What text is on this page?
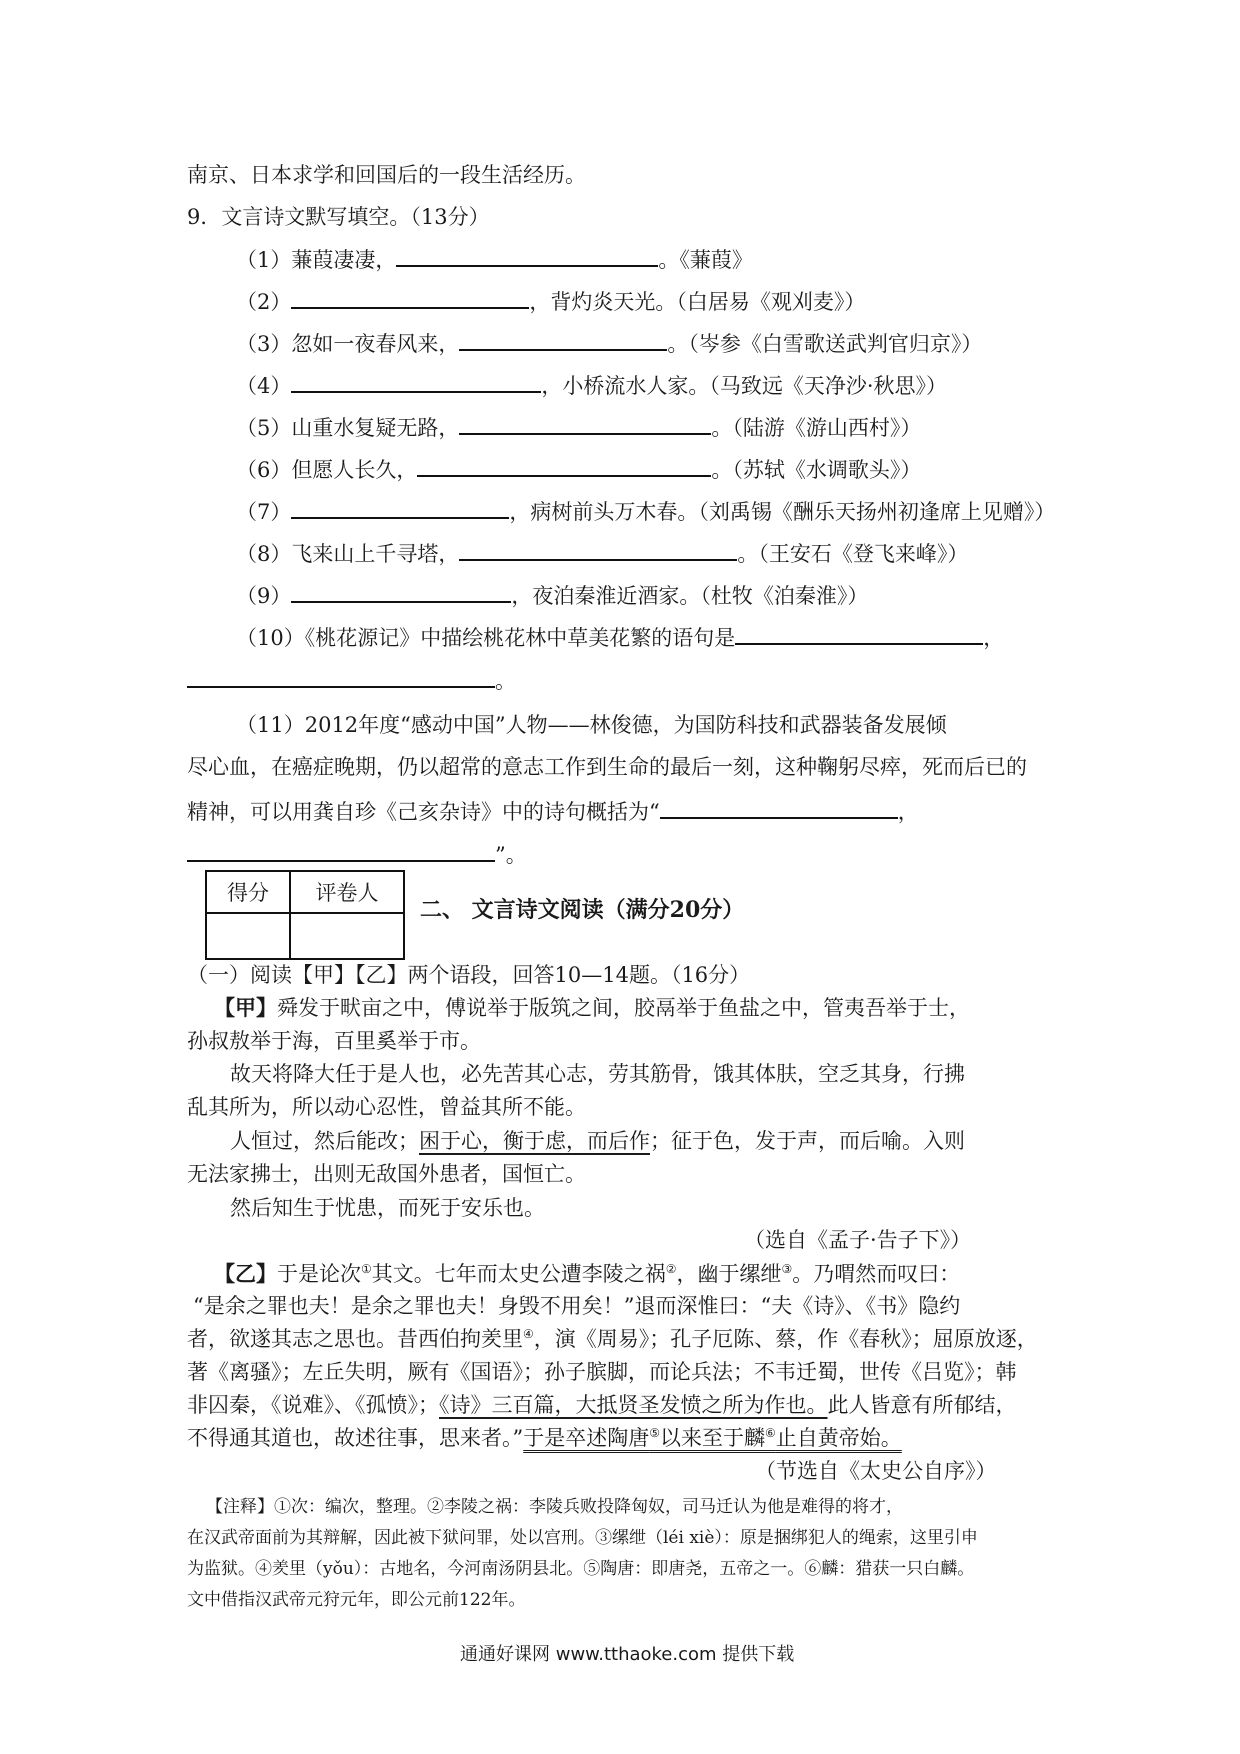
南京、日本求学和回国后的一段生活经历。
9．文言诗文默写填空。（13分）
（1）蒹葭凄凄，	。《蒹葭》
（2）	，背灼炎天光。（白居易《观刈麦》）
（3）忽如一夜春风来，	。（岑参《白雪歌送武判官归京》）
（4）	，小桥流水人家。（马致远《天净沙·秋思》）
（5）山重水复疑无路，	。（陆游《游山西村》）
（6）但愿人长久，	。（苏轼《水调歌头》）
（7）	，病树前头万木春。（刘禹锡《酬乐天扬州初逢席上见赠》）
（8）飞来山上千寻塔，	。（王安石《登飞来峰》）
（9）	，夜泊秦淮近酒家。（杜牧《泊秦淮》）
（10）《桃花源记》中描绘桃花林中草美花繁的语句是	，
。
（11）2012年度“感动中国”人物——林俊德，为国防科技和武器装备发展倾
尽心血，在癌症晚期，仍以超常的意志工作到生命的最后一刻，这种鞠躬尽瘁，死而后已的
精神，可以用龚自珍《己亥杂诗》中的诗句概括为“	，
”。
得分	评卷人

二、 文言诗文阅读（满分20分）
（一）阅读【甲】【乙】两个语段，回答10—14题。（16分）
【甲】舜发于畎亩之中，傅说举于版筑之间，胶鬲举于鱼盐之中，管夷吾举于士，
孙叔敖举于海，百里奚举于市。
故天将降大任于是人也，必先苦其心志，劳其筋骨，饿其体肤，空乏其身，行拂
乱其所为，所以动心忍性，曾益其所不能。
人恒过，然后能改；困于心，衡于虑，而后作；征于色，发于声，而后喻。入则
无法家拂士，出则无敌国外患者，国恒亡。
然后知生于忧患，而死于安乐也。
（选自《孟子·告子下》）
【乙】于是论次①其文。七年而太史公遭李陵之祸②，幽于缧绁③。乃喟然而叹曰：
“是余之罪也夫！是余之罪也夫！身毁不用矣！”退而深惟曰：“夫《诗》、《书》隐约
者，欲遂其志之思也。昔西伯拘羑里④，演《周易》；孔子厄陈、蔡，作《春秋》；屈原放逐，
著《离骚》；左丘失明，厥有《国语》；孙子膑脚，而论兵法；不韦迁蜀，世传《吕览》；韩
非囚秦，《说难》、《孤愤》；《诗》三百篇，大抵贤圣发愤之所为作也。此人皆意有所郁结，
不得通其道也，故述往事，思来者。”于是卒述陶唐⑤以来至于麟⑥止自黄帝始。
（节选自《太史公自序》）
【注释】①次：编次，整理。②李陵之祸：李陵兵败投降匈奴，司马迁认为他是难得的将才，
在汉武帝面前为其辩解，因此被下狱问罪，处以宫刑。③缧绁（léi xiè）：原是捆绑犯人的绳索，这里引申
为监狱。④羑里（yǒu）：古地名，今河南汤阴县北。⑤陶唐：即唐尧，五帝之一。⑥麟：猎获一只白麟。
文中借指汉武帝元狩元年，即公元前122年。
通通好课网 www.tthaoke.com 提供下载
